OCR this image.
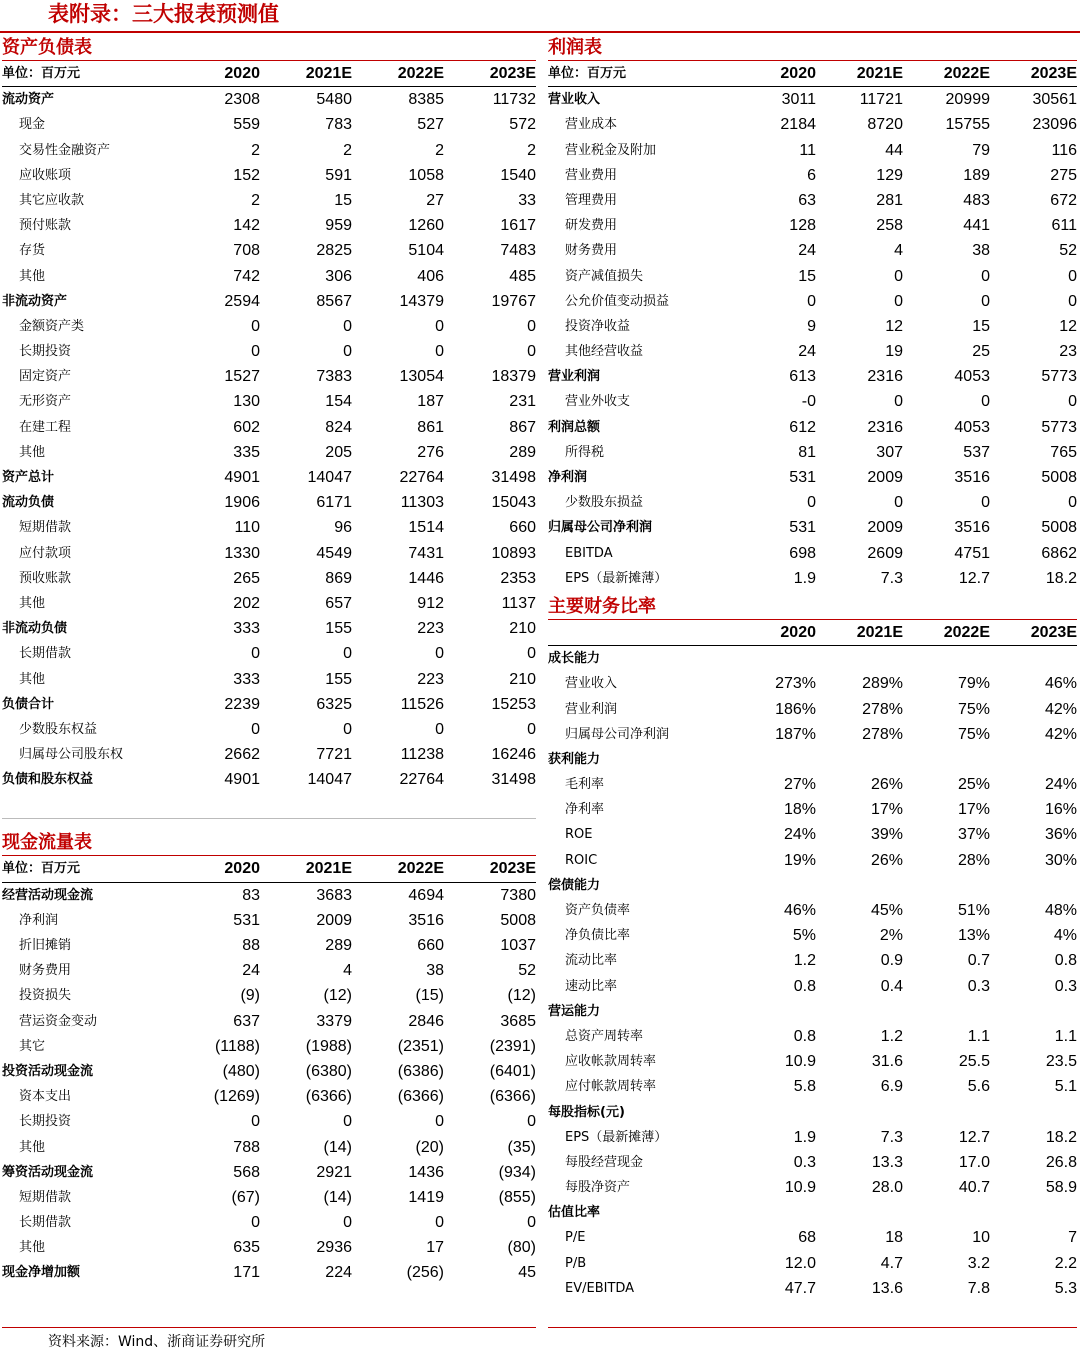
表附录：三大报表预测值
资产负债表
单位：百万元	2020	2021E	2022E	2023E
流动资产	2308	5480	8385	11732
现金	559	783	527	572
交易性金融资产	2	2	2	2
应收账项	152	591	1058	1540
其它应收款	2	15	27	33
预付账款	142	959	1260	1617
存货	708	2825	5104	7483
其他	742	306	406	485
非流动资产	2594	8567	14379	19767
金额资产类	0	0	0	0
长期投资	0	0	0	0
固定资产	1527	7383	13054	18379
无形资产	130	154	187	231
在建工程	602	824	861	867
其他	335	205	276	289
资产总计	4901	14047	22764	31498
流动负债	1906	6171	11303	15043
短期借款	110	96	1514	660
应付款项	1330	4549	7431	10893
预收账款	265	869	1446	2353
其他	202	657	912	1137
非流动负债	333	155	223	210
长期借款	0	0	0	0
其他	333	155	223	210
负债合计	2239	6325	11526	15253
少数股东权益	0	0	0	0
归属母公司股东权	2662	7721	11238	16246
负债和股东权益	4901	14047	22764	31498
现金流量表
单位：百万元	2020	2021E	2022E	2023E
经营活动现金流	83	3683	4694	7380
净利润	531	2009	3516	5008
折旧摊销	88	289	660	1037
财务费用	24	4	38	52
投资损失	(9)	(12)	(15)	(12)
营运资金变动	637	3379	2846	3685
其它	(1188)	(1988)	(2351)	(2391)
投资活动现金流	(480)	(6380)	(6386)	(6401)
资本支出	(1269)	(6366)	(6366)	(6366)
长期投资	0	0	0	0
其他	788	(14)	(20)	(35)
筹资活动现金流	568	2921	1436	(934)
短期借款	(67)	(14)	1419	(855)
长期借款	0	0	0	0
其他	635	2936	17	(80)
现金净增加额	171	224	(256)	45
利润表
单位：百万元	2020	2021E	2022E	2023E
营业收入	3011	11721	20999	30561
营业成本	2184	8720	15755	23096
营业税金及附加	11	44	79	116
营业费用	6	129	189	275
管理费用	63	281	483	672
研发费用	128	258	441	611
财务费用	24	4	38	52
资产减值损失	15	0	0	0
公允价值变动损益	0	0	0	0
投资净收益	9	12	15	12
其他经营收益	24	19	25	23
营业利润	613	2316	4053	5773
营业外收支	-0	0	0	0
利润总额	612	2316	4053	5773
所得税	81	307	537	765
净利润	531	2009	3516	5008
少数股东损益	0	0	0	0
归属母公司净利润	531	2009	3516	5008
EBITDA	698	2609	4751	6862
EPS（最新摊薄）	1.9	7.3	12.7	18.2
主要财务比率
2020	2021E	2022E	2023E
成长能力
营业收入	273%	289%	79%	46%
营业利润	186%	278%	75%	42%
归属母公司净利润	187%	278%	75%	42%
获利能力
毛利率	27%	26%	25%	24%
净利率	18%	17%	17%	16%
ROE	24%	39%	37%	36%
ROIC	19%	26%	28%	30%
偿债能力
资产负债率	46%	45%	51%	48%
净负债比率	5%	2%	13%	4%
流动比率	1.2	0.9	0.7	0.8
速动比率	0.8	0.4	0.3	0.3
营运能力
总资产周转率	0.8	1.2	1.1	1.1
应收帐款周转率	10.9	31.6	25.5	23.5
应付帐款周转率	5.8	6.9	5.6	5.1
每股指标(元)
EPS（最新摊薄）	1.9	7.3	12.7	18.2
每股经营现金	0.3	13.3	17.0	26.8
每股净资产	10.9	28.0	40.7	58.9
估值比率
P/E	68	18	10	7
P/B	12.0	4.7	3.2	2.2
EV/EBITDA	47.7	13.6	7.8	5.3
资料来源：Wind、浙商证券研究所
